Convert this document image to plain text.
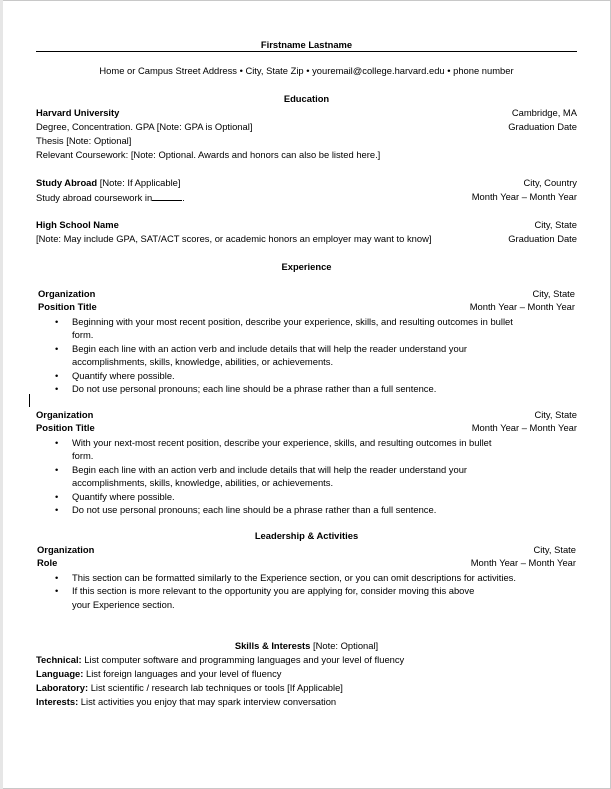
Firstname Lastname
Home or Campus Street Address • City, State Zip • youremail@college.harvard.edu • phone number
Education
Harvard University	Cambridge, MA
Degree, Concentration. GPA [Note: GPA is Optional]	Graduation Date
Thesis [Note: Optional]
Relevant Coursework: [Note: Optional. Awards and honors can also be listed here.]
Study Abroad [Note: If Applicable]	City, Country
Study abroad coursework in	.	Month Year – Month Year
High School Name	City, State
[Note: May include GPA, SAT/ACT scores, or academic honors an employer may want to know]	Graduation Date
Experience
Organization	City, State
Position Title	Month Year – Month Year
• Beginning with your most recent position, describe your experience, skills, and resulting outcomes in bullet
form.
• Begin each line with an action verb and include details that will help the reader understand your
accomplishments, skills, knowledge, abilities, or achievements.
• Quantify where possible.
• Do not use personal pronouns; each line should be a phrase rather than a full sentence.
Organization	City, State
Position Title	Month Year – Month Year
• With your next-most recent position, describe your experience, skills, and resulting outcomes in bullet
form.
• Begin each line with an action verb and include details that will help the reader understand your
accomplishments, skills, knowledge, abilities, or achievements.
• Quantify where possible.
• Do not use personal pronouns; each line should be a phrase rather than a full sentence.
Leadership & Activities
Organization	City, State
Role	Month Year – Month Year
• This section can be formatted similarly to the Experience section, or you can omit descriptions for activities.
• If this section is more relevant to the opportunity you are applying for, consider moving this above
your Experience section.
Skills & Interests [Note: Optional]
Technical: List computer software and programming languages and your level of fluency
Language: List foreign languages and your level of fluency
Laboratory: List scientific / research lab techniques or tools [If Applicable]
Interests: List activities you enjoy that may spark interview conversation
